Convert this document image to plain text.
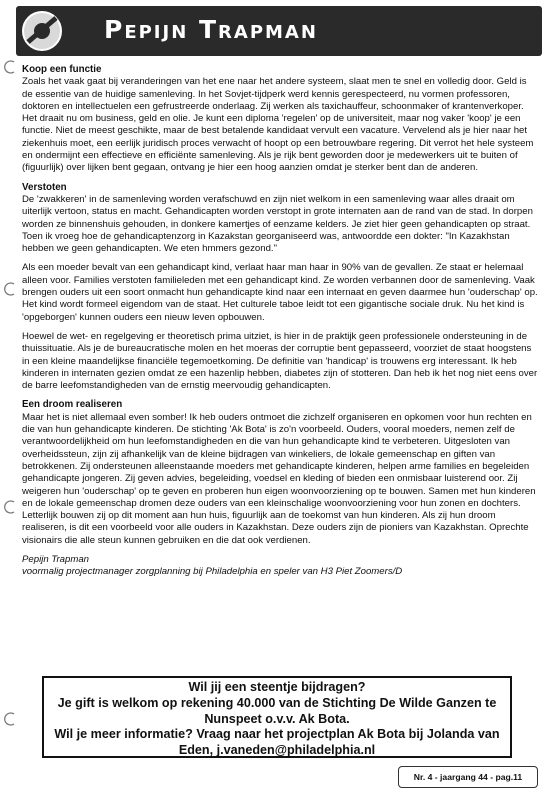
Pepijn Trapman
Koop een functie

Zoals het vaak gaat bij veranderingen van het ene naar het andere systeem, slaat men te snel en volledig door. Geld is de essentie van de huidige samenleving. In het Sovjet-tijdperk werd kennis gerespecteerd, nu vormen professoren, doktoren en intellectuelen een gefrustreerde onderlaag. Zij werken als taxichauffeur, schoonmaker of krantenverkoper. Het draait nu om business, geld en olie. Je kunt een diploma 'regelen' op de universiteit, maar nog vaker 'koop' je een functie. Niet de meest geschikte, maar de best betalende kandidaat vervult een vacature. Vervelend als je hier naar het ziekenhuis moet, een eerlijk juridisch proces verwacht of hoopt op een betrouwbare regering. Dit verrot het hele systeem en ondermijnt een effectieve en efficiënte samenleving. Als je rijk bent geworden door je medewerkers uit te buiten of (figuurlijk) over lijken bent gegaan, ontvang je hier een hoog aanzien omdat je sterker bent dan de anderen.

Verstoten

De 'zwakkeren' in de samenleving worden verafschuwd en zijn niet welkom in een samenleving waar alles draait om uiterlijk vertoon, status en macht. Gehandicapten worden verstopt in grote internaten aan de rand van de stad. In dorpen worden ze binnenshuis gehouden, in donkere kamertjes of eenzame kelders. Je ziet hier geen gehandicapten op straat. Toen ik vroeg hoe de gehandicaptenzorg in Kazakstan georganiseerd was, antwoordde een dokter: "In Kazakhstan hebben we geen gehandicapten. We eten hmmers gezond."

Als een moeder bevalt van een gehandicapt kind, verlaat haar man haar in 90% van de gevallen. Ze staat er helemaal alleen voor. Families verstoten familieleden met een gehandicapt kind. Ze worden verbannen door de samenleving. Vaak brengen ouders uit een soort onmacht hun gehandicapte kind naar een internaat en geven daarmee hun 'ouderschap' op. Het kind wordt formeel eigendom van de staat. Het culturele taboe leidt tot een gigantische sociale druk. Nu het kind is 'opgeborgen' kunnen ouders een nieuw leven opbouwen.

Hoewel de wet- en regelgeving er theoretisch prima uitziet, is hier in de praktijk geen professionele ondersteuning in de thuissituatie. Als je de bureaucratische molen en het moeras der corruptie bent gepasseerd, voorziet de staat hoogstens in een kleine maandelijkse financiële tegemoetkoming. De definitie van 'handicap' is trouwens erg interessant. Ik heb kinderen in internaten gezien omdat ze een hazenlip hebben, diabetes zijn of stotteren. Dan heb ik het nog niet eens over de barre leefomstandigheden van de ernstig meervoudig gehandicapten.

Een droom realiseren

Maar het is niet allemaal even somber! Ik heb ouders ontmoet die zichzelf organiseren en opkomen voor hun rechten en die van hun gehandicapte kinderen. De stichting 'Ak Bota' is zo'n voorbeeld. Ouders, vooral moeders, nemen zelf de verantwoordelijkheid om hun leefomstandigheden en die van hun gehandicapte kind te verbeteren. Uitgesloten van overheidssteun, zijn zij afhankelijk van de kleine bijdragen van winkeliers, de lokale gemeenschap en giften van betrokkenen. Zij ondersteunen alleenstaande moeders met gehandicapte kinderen, helpen arme families en begeleiden gehandicapte jongeren. Zij geven advies, begeleiding, voedsel en kleding of bieden een onmisbaar luisterend oor. Zij weigeren hun 'ouderschap' op te geven en proberen hun eigen woonvoorziening op te bouwen. Samen met hun kinderen en de lokale gemeenschap dromen deze ouders van een kleinschalige woonvoorziening voor hun zonen en dochters. Letterlijk bouwen zij op dit moment aan hun huis, figuurlijk aan de toekomst van hun kinderen. Als zij hun droom realiseren, is dit een voorbeeld voor alle ouders in Kazakhstan. Deze ouders zijn de pioniers van Kazakhstan. Oprechte visionairs die alle steun kunnen gebruiken en die dat ook verdienen.

Pepijn Trapman
voormalig projectmanager zorgplanning bij Philadelphia en speler van H3 Piet Zoomers/D
Wil jij een steentje bijdragen?
Je gift is welkom op rekening 40.000 van de Stichting De Wilde Ganzen te
Nunspeet o.v.v. Ak Bota.
Wil je meer informatie? Vraag naar het projectplan Ak Bota bij Jolanda van
Eden, j.vaneden@philadelphia.nl
Nr. 4 - jaargang 44 - pag.11
